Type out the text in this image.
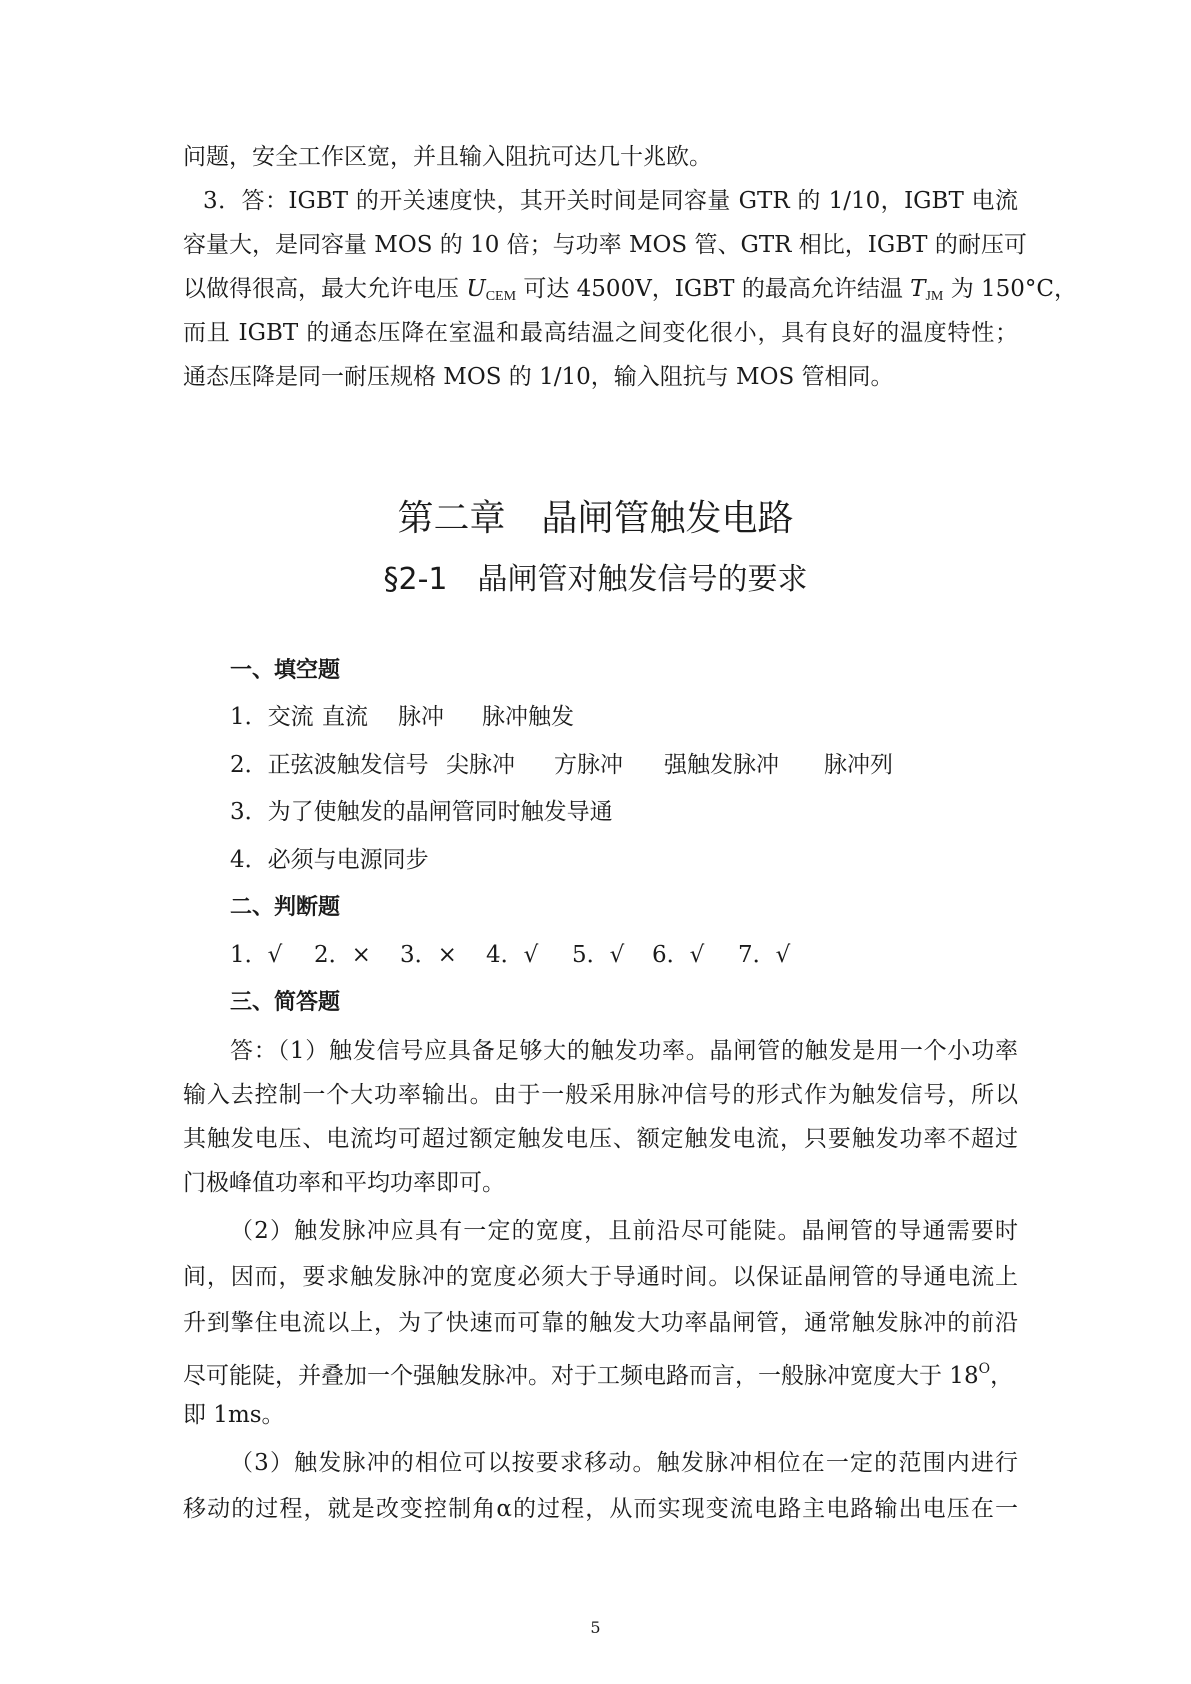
问题，安全工作区宽，并且输入阻抗可达几十兆欧。
3．答：IGBT 的开关速度快，其开关时间是同容量 GTR 的 1/10，IGBT 电流
容量大，是同容量 MOS 的 10 倍；与功率 MOS 管、GTR 相比，IGBT 的耐压可
以做得很高，最大允许电压 $U_{CEM}$ 可达 4500V，IGBT 的最高允许结温 $T_{JM}$ 为 150°C，
而且 IGBT 的通态压降在室温和最高结温之间变化很小，具有良好的温度特性；
通态压降是同一耐压规格 MOS 的 1/10，输入阻抗与 MOS 管相同。
第二章　晶闸管触发电路
§2-1　晶闸管对触发信号的要求
一、填空题
1．交流 直流 脉冲 脉冲触发
2．正弦波触发信号 尖脉冲 方脉冲 强触发脉冲 脉冲列
3．为了使触发的晶闸管同时触发导通
4．必须与电源同步
二、判断题
1．√ 2．× 3．× 4．√ 5．√ 6．√ 7．√
三、简答题
答：（1）触发信号应具备足够大的触发功率。晶闸管的触发是用一个小功率
输入去控制一个大功率输出。由于一般采用脉冲信号的形式作为触发信号，所以
其触发电压、电流均可超过额定触发电压、额定触发电流，只要触发功率不超过
门极峰值功率和平均功率即可。
（2）触发脉冲应具有一定的宽度，且前沿尽可能陡。晶闸管的导通需要时
间，因而，要求触发脉冲的宽度必须大于导通时间。以保证晶闸管的导通电流上
升到擎住电流以上，为了快速而可靠的触发大功率晶闸管，通常触发脉冲的前沿
尽可能陡，并叠加一个强触发脉冲。对于工频电路而言，一般脉冲宽度大于 $18^O$，
即 1ms。
（3）触发脉冲的相位可以按要求移动。触发脉冲相位在一定的范围内进行
移动的过程，就是改变控制角α的过程，从而实现变流电路主电路输出电压在一
5
